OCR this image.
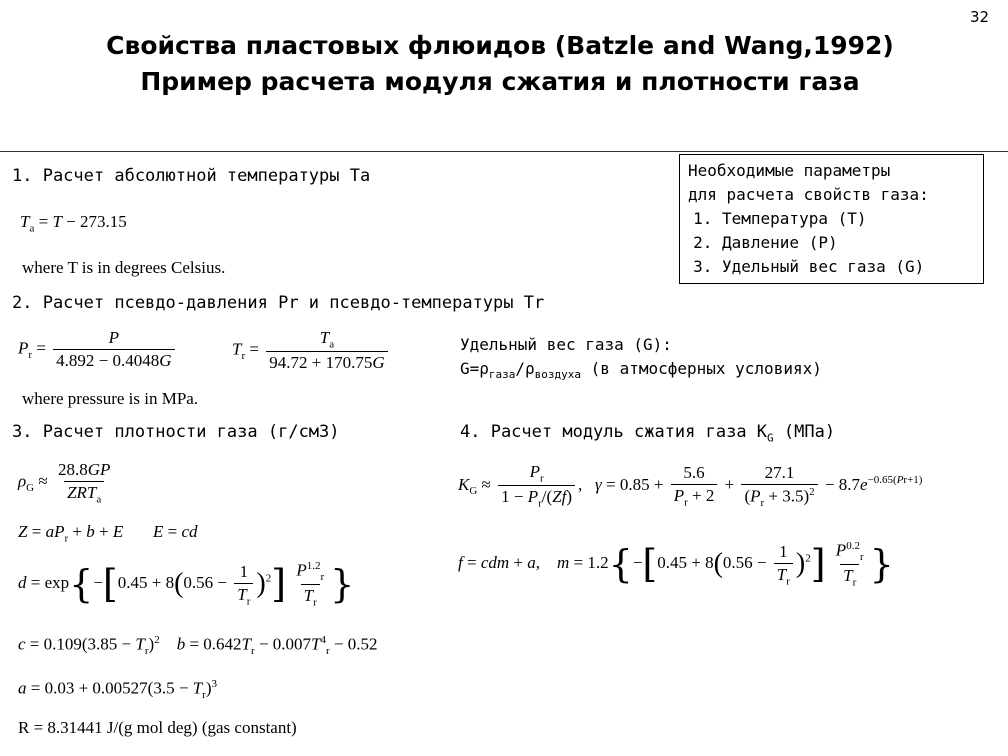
Свойства пластовых флюидов (Batzle and Wang,1992)
Пример расчета модуля сжатия и плотности газа
32
Необходимые параметры
для расчета свойств газа:
1. Температура (T)
2. Давление (P)
3. Удельный вес газа (G)
1. Расчет абсолютной температуры Ta
$T_a = T - 273.15$
where T is in degrees Celsius.
2. Расчет псевдо-давления Pr и псевдо-температуры Tr
$P_r = \frac{P}{4.892 - 0.4048G}$	$T_r = \frac{T_a}{94.72 + 170.75G}$
where pressure is in MPa.
Удельный вес газа (G):
$G=\rho_{газа}/\rho_{воздуха}$ (в атмосферных условиях)
3. Расчет плотности газа (г/см3)
$\rho_G \approx \frac{28.8GP}{ZRT_a}$
$Z = aP_r + b + E$ E = cd
$d = \exp\{-[0.45 + 8(0.56 - \frac{1}{T_r} )^2] \frac{P^{1.2}_r}{T_r}$ }
$c = 0.109(3.85 - T_r)^2$ $b = 0.642T_r - 0.007T^4_r - 0.52$
$a = 0.03 + 0.00527(3.5 - T_r)^3$
R = 8.31441 J/(g mol deg) (gas constant)
4. Расчет модуль сжатия газа $K_G$ (МПа)
$K_G \approx \frac{P_r}{1 - P_r/(Zf)}$ ,   $\gamma = 0.85 + \frac{5.6}{P_r + 2} + \frac{27.1}{(P_r + 3.5)^2} - 8.7e^{-0.65(Pr+1)}$
f = cdm + a,    $m = 1.2\{-[0.45 + 8(0.56 - \frac{1}{T_r} )^2] \frac{P^{0.2}_r}{T_r}$ }
